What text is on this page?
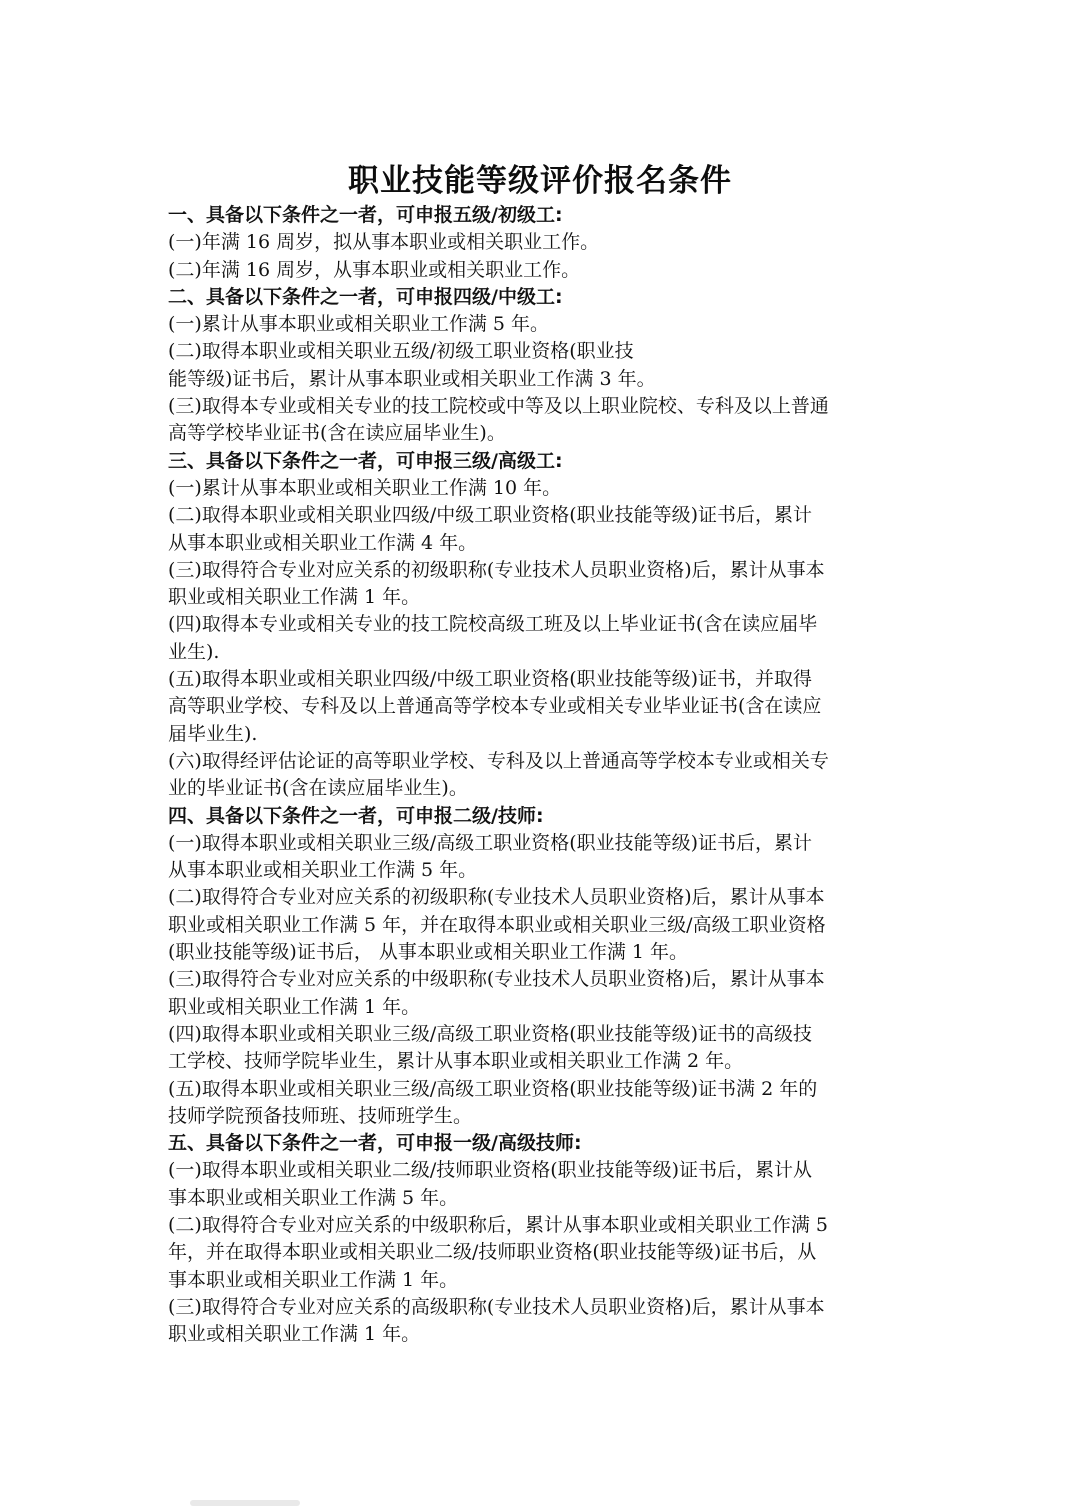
职业技能等级评价报名条件
一、具备以下条件之一者，可申报五级/初级工:
(一)年满 16 周岁，拟从事本职业或相关职业工作。
(二)年满 16 周岁，从事本职业或相关职业工作。
二、具备以下条件之一者，可申报四级/中级工:
(一)累计从事本职业或相关职业工作满 5 年。
(二)取得本职业或相关职业五级/初级工职业资格(职业技
能等级)证书后，累计从事本职业或相关职业工作满 3 年。
(三)取得本专业或相关专业的技工院校或中等及以上职业院校、专科及以上普通
高等学校毕业证书(含在读应届毕业生)。
三、具备以下条件之一者，可申报三级/高级工:
(一)累计从事本职业或相关职业工作满 10 年。
(二)取得本职业或相关职业四级/中级工职业资格(职业技能等级)证书后，累计
从事本职业或相关职业工作满 4 年。
(三)取得符合专业对应关系的初级职称(专业技术人员职业资格)后，累计从事本
职业或相关职业工作满 1 年。
(四)取得本专业或相关专业的技工院校高级工班及以上毕业证书(含在读应届毕
业生).
(五)取得本职业或相关职业四级/中级工职业资格(职业技能等级)证书，并取得
高等职业学校、专科及以上普通高等学校本专业或相关专业毕业证书(含在读应
届毕业生).
(六)取得经评估论证的高等职业学校、专科及以上普通高等学校本专业或相关专
业的毕业证书(含在读应届毕业生)。
四、具备以下条件之一者，可申报二级/技师:
(一)取得本职业或相关职业三级/高级工职业资格(职业技能等级)证书后，累计
从事本职业或相关职业工作满 5 年。
(二)取得符合专业对应关系的初级职称(专业技术人员职业资格)后，累计从事本
职业或相关职业工作满 5 年，并在取得本职业或相关职业三级/高级工职业资格
(职业技能等级)证书后， 从事本职业或相关职业工作满 1 年。
(三)取得符合专业对应关系的中级职称(专业技术人员职业资格)后，累计从事本
职业或相关职业工作满 1 年。
(四)取得本职业或相关职业三级/高级工职业资格(职业技能等级)证书的高级技
工学校、技师学院毕业生，累计从事本职业或相关职业工作满 2 年。
(五)取得本职业或相关职业三级/高级工职业资格(职业技能等级)证书满 2 年的
技师学院预备技师班、技师班学生。
五、具备以下条件之一者，可申报一级/高级技师:
(一)取得本职业或相关职业二级/技师职业资格(职业技能等级)证书后，累计从
事本职业或相关职业工作满 5 年。
(二)取得符合专业对应关系的中级职称后，累计从事本职业或相关职业工作满 5
年，并在取得本职业或相关职业二级/技师职业资格(职业技能等级)证书后，从
事本职业或相关职业工作满 1 年。
(三)取得符合专业对应关系的高级职称(专业技术人员职业资格)后，累计从事本
职业或相关职业工作满 1 年。
